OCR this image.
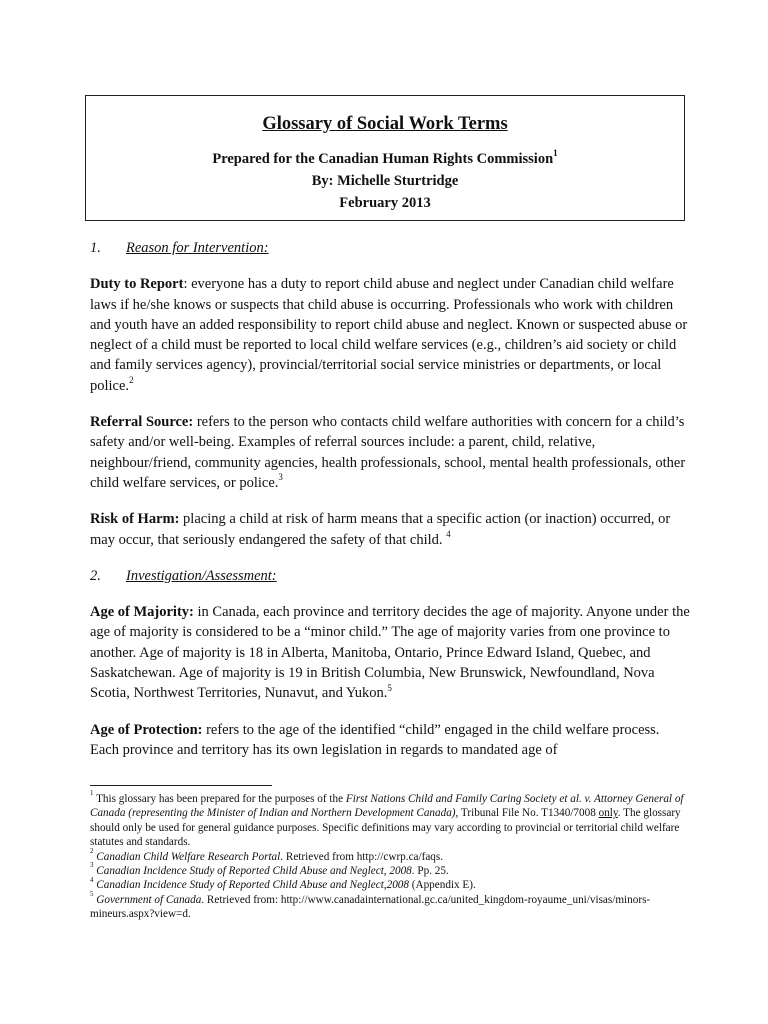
Glossary of Social Work Terms
Prepared for the Canadian Human Rights Commission$^1$
By: Michelle Sturtridge
February 2013
1. Reason for Intervention:

Duty to Report: everyone has a duty to report child abuse and neglect under Canadian child welfare laws if he/she knows or suspects that child abuse is occurring. Professionals who work with children and youth have an added responsibility to report child abuse and neglect. Known or suspected abuse or neglect of a child must be reported to local child welfare services (e.g., children’s aid society or child and family services agency), provincial/territorial social service ministries or departments, or local police.$^2$

Referral Source: refers to the person who contacts child welfare authorities with concern for a child’s safety and/or well-being. Examples of referral sources include: a parent, child, relative, neighbour/friend, community agencies, health professionals, school, mental health professionals, other child welfare services, or police.$^3$

Risk of Harm: placing a child at risk of harm means that a specific action (or inaction) occurred, or may occur, that seriously endangered the safety of that child. $^4$

2. Investigation/Assessment:

Age of Majority: in Canada, each province and territory decides the age of majority. Anyone under the age of majority is considered to be a “minor child.” The age of majority varies from one province to another. Age of majority is 18 in Alberta, Manitoba, Ontario, Prince Edward Island, Quebec, and Saskatchewan. Age of majority is 19 in British Columbia, New Brunswick, Newfoundland, Nova Scotia, Northwest Territories, Nunavut, and Yukon.$^5$

Age of Protection: refers to the age of the identified “child” engaged in the child welfare process. Each province and territory has its own legislation in regards to mandated age of

$^1$ This glossary has been prepared for the purposes of the First Nations Child and Family Caring Society et al. v. Attorney General of Canada (representing the Minister of Indian and Northern Development Canada), Tribunal File No. T1340/7008 only. The glossary should only be used for general guidance purposes. Specific definitions may vary according to provincial or territorial child welfare statutes and standards.

$^2$ Canadian Child Welfare Research Portal. Retrieved from http://cwrp.ca/faqs.

$^3$ Canadian Incidence Study of Reported Child Abuse and Neglect, 2008. Pp. 25.

$^4$ Canadian Incidence Study of Reported Child Abuse and Neglect,2008 (Appendix E).

$^5$ Government of Canada. Retrieved from: http://www.canadainternational.gc.ca/united_kingdom-royaume_uni/visas/minors-mineurs.aspx?view=d.
